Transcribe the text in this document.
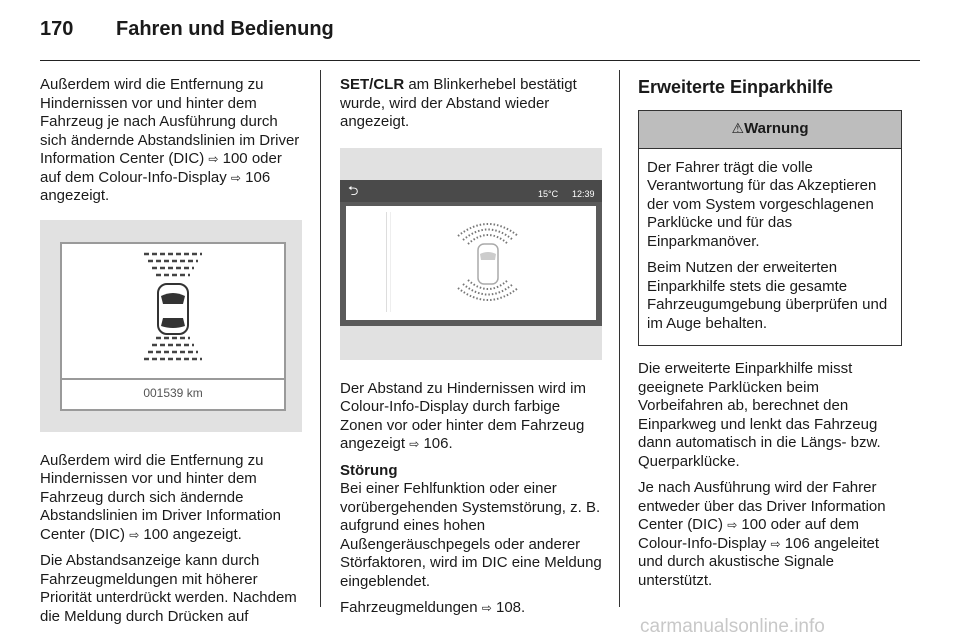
170 Fahren und Bedienung

Außerdem wird die Entfernung zu Hindernissen vor und hinter dem Fahrzeug je nach Ausführung durch sich ändernde Abstandslinien im Driver Information Center (DIC) ⇨ 100 oder auf dem Colour-Info-Display ⇨ 106 angezeigt.

001539 km

Außerdem wird die Entfernung zu Hindernissen vor und hinter dem Fahrzeug durch sich ändernde Abstandslinien im Driver Information Center (DIC) ⇨ 100 angezeigt.

Die Abstandsanzeige kann durch Fahrzeugmeldungen mit höherer Priorität unterdrückt werden. Nachdem die Meldung durch Drücken auf

SET/CLR am Blinkerhebel bestätigt wurde, wird der Abstand wieder angezeigt.

⮌	15°C 12:39

Der Abstand zu Hindernissen wird im Colour-Info-Display durch farbige Zonen vor oder hinter dem Fahrzeug angezeigt ⇨ 106.

Störung

Bei einer Fehlfunktion oder einer vorübergehenden Systemstörung, z. B. aufgrund eines hohen Außengeräuschpegels oder anderer Störfaktoren, wird im DIC eine Meldung eingeblendet.

Fahrzeugmeldungen ⇨ 108.

Erweiterte Einparkhilfe
⚠Warnung

Der Fahrer trägt die volle Verantwortung für das Akzeptieren der vom System vorgeschlagenen Parklücke und für das Einparkmanöver.

Beim Nutzen der erweiterten Einparkhilfe stets die gesamte Fahrzeugumgebung überprüfen und im Auge behalten.

Die erweiterte Einparkhilfe misst geeignete Parklücken beim Vorbeifahren ab, berechnet den Einparkweg und lenkt das Fahrzeug dann automatisch in die Längs- bzw. Querparklücke.

Je nach Ausführung wird der Fahrer entweder über das Driver Information Center (DIC) ⇨ 100 oder auf dem Colour-Info-Display ⇨ 106 angeleitet und durch akustische Signale unterstützt.

carmanualsonline.info
